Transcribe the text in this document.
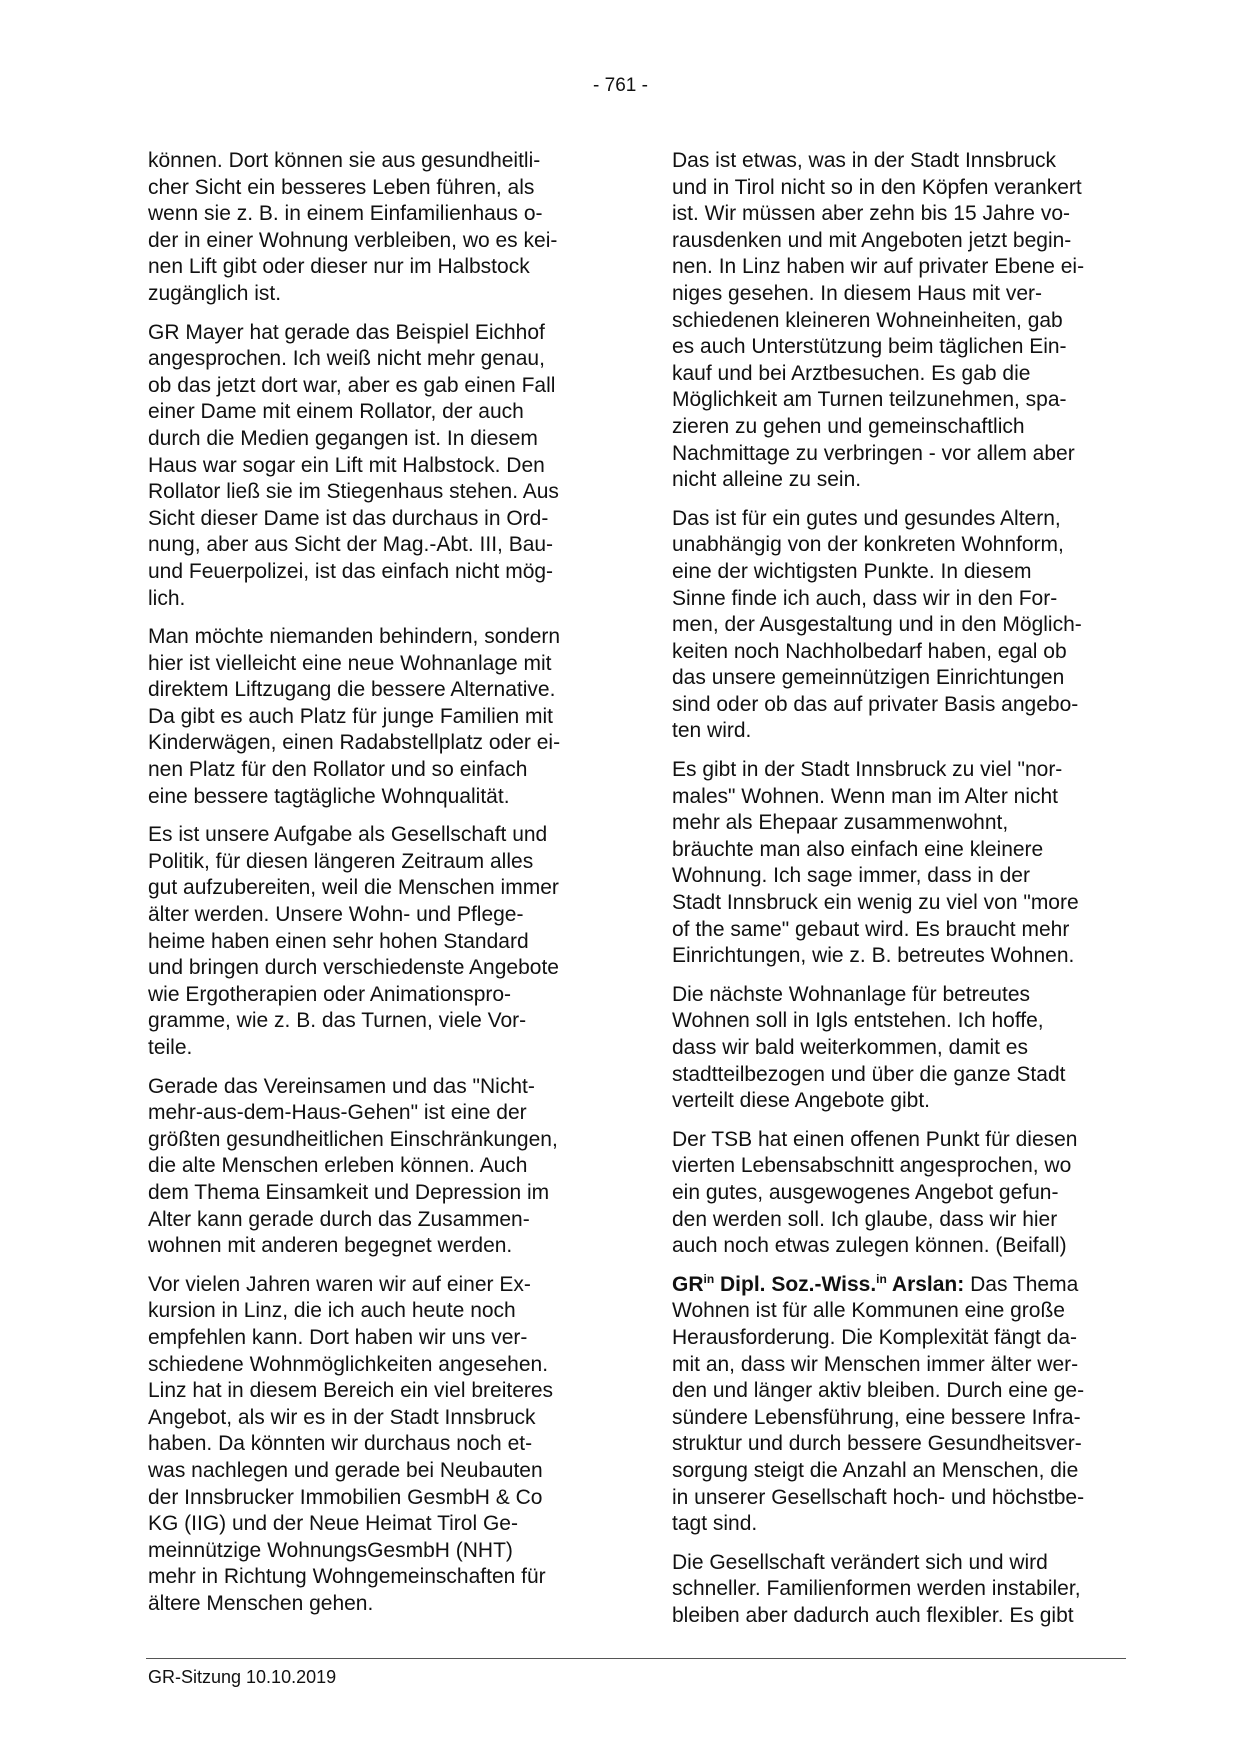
- 761 -
können. Dort können sie aus gesundheitli-
cher Sicht ein besseres Leben führen, als
wenn sie z. B. in einem Einfamilienhaus o-
der in einer Wohnung verbleiben, wo es kei-
nen Lift gibt oder dieser nur im Halbstock
zugänglich ist.
GR Mayer hat gerade das Beispiel Eichhof
angesprochen. Ich weiß nicht mehr genau,
ob das jetzt dort war, aber es gab einen Fall
einer Dame mit einem Rollator, der auch
durch die Medien gegangen ist. In diesem
Haus war sogar ein Lift mit Halbstock. Den
Rollator ließ sie im Stiegenhaus stehen. Aus
Sicht dieser Dame ist das durchaus in Ord-
nung, aber aus Sicht der Mag.-Abt. III, Bau-
und Feuerpolizei, ist das einfach nicht mög-
lich.
Man möchte niemanden behindern, sondern
hier ist vielleicht eine neue Wohnanlage mit
direktem Liftzugang die bessere Alternative.
Da gibt es auch Platz für junge Familien mit
Kinderwägen, einen Radabstellplatz oder ei-
nen Platz für den Rollator und so einfach
eine bessere tagtägliche Wohnqualität.
Es ist unsere Aufgabe als Gesellschaft und
Politik, für diesen längeren Zeitraum alles
gut aufzubereiten, weil die Menschen immer
älter werden. Unsere Wohn- und Pflege-
heime haben einen sehr hohen Standard
und bringen durch verschiedenste Angebote
wie Ergotherapien oder Animationspro-
gramme, wie z. B. das Turnen, viele Vor-
teile.
Gerade das Vereinsamen und das "Nicht-
mehr-aus-dem-Haus-Gehen" ist eine der
größten gesundheitlichen Einschränkungen,
die alte Menschen erleben können. Auch
dem Thema Einsamkeit und Depression im
Alter kann gerade durch das Zusammen-
wohnen mit anderen begegnet werden.
Vor vielen Jahren waren wir auf einer Ex-
kursion in Linz, die ich auch heute noch
empfehlen kann. Dort haben wir uns ver-
schiedene Wohnmöglichkeiten angesehen.
Linz hat in diesem Bereich ein viel breiteres
Angebot, als wir es in der Stadt Innsbruck
haben. Da könnten wir durchaus noch et-
was nachlegen und gerade bei Neubauten
der Innsbrucker Immobilien GesmbH & Co
KG (IIG) und der Neue Heimat Tirol Ge-
meinnützige WohnungsGesmbH (NHT)
mehr in Richtung Wohngemeinschaften für
ältere Menschen gehen.
Das ist etwas, was in der Stadt Innsbruck
und in Tirol nicht so in den Köpfen verankert
ist. Wir müssen aber zehn bis 15 Jahre vo-
rausdenken und mit Angeboten jetzt begin-
nen. In Linz haben wir auf privater Ebene ei-
niges gesehen. In diesem Haus mit ver-
schiedenen kleineren Wohneinheiten, gab
es auch Unterstützung beim täglichen Ein-
kauf und bei Arztbesuchen. Es gab die
Möglichkeit am Turnen teilzunehmen, spa-
zieren zu gehen und gemeinschaftlich
Nachmittage zu verbringen - vor allem aber
nicht alleine zu sein.
Das ist für ein gutes und gesundes Altern,
unabhängig von der konkreten Wohnform,
eine der wichtigsten Punkte. In diesem
Sinne finde ich auch, dass wir in den For-
men, der Ausgestaltung und in den Möglich-
keiten noch Nachholbedarf haben, egal ob
das unsere gemeinnützigen Einrichtungen
sind oder ob das auf privater Basis angebo-
ten wird.
Es gibt in der Stadt Innsbruck zu viel "nor-
males" Wohnen. Wenn man im Alter nicht
mehr als Ehepaar zusammenwohnt,
bräuchte man also einfach eine kleinere
Wohnung. Ich sage immer, dass in der
Stadt Innsbruck ein wenig zu viel von "more
of the same" gebaut wird. Es braucht mehr
Einrichtungen, wie z. B. betreutes Wohnen.
Die nächste Wohnanlage für betreutes
Wohnen soll in Igls entstehen. Ich hoffe,
dass wir bald weiterkommen, damit es
stadtteilbezogen und über die ganze Stadt
verteilt diese Angebote gibt.
Der TSB hat einen offenen Punkt für diesen
vierten Lebensabschnitt angesprochen, wo
ein gutes, ausgewogenes Angebot gefun-
den werden soll. Ich glaube, dass wir hier
auch noch etwas zulegen können. (Beifall)
$GR^{in}$ Dipl. Soz.-Wiss.$^{in}$ Arslan: Das Thema
Wohnen ist für alle Kommunen eine große
Herausforderung. Die Komplexität fängt da-
mit an, dass wir Menschen immer älter wer-
den und länger aktiv bleiben. Durch eine ge-
sündere Lebensführung, eine bessere Infra-
struktur und durch bessere Gesundheitsver-
sorgung steigt die Anzahl an Menschen, die
in unserer Gesellschaft hoch- und höchstbe-
tagt sind.
Die Gesellschaft verändert sich und wird
schneller. Familienformen werden instabiler,
bleiben aber dadurch auch flexibler. Es gibt
GR-Sitzung 10.10.2019
